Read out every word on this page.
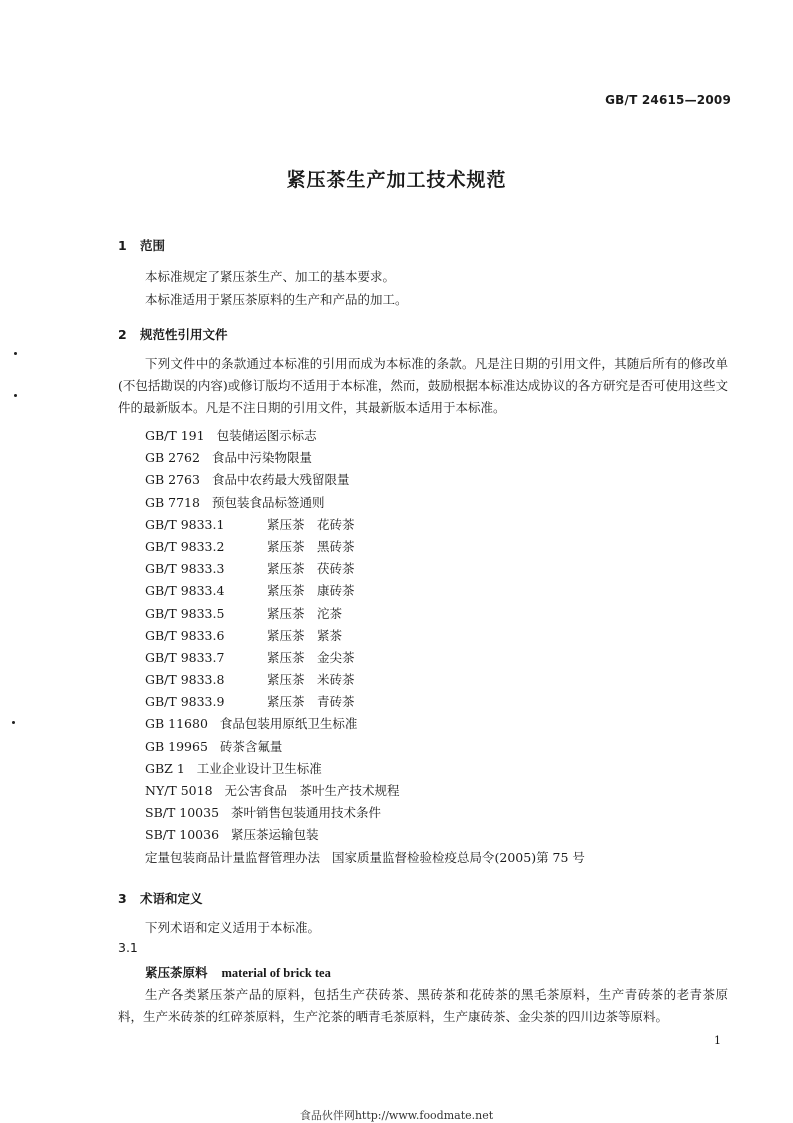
GB/T 24615—2009
紧压茶生产加工技术规范
1 范围
本标准规定了紧压茶生产、加工的基本要求。
本标准适用于紧压茶原料的生产和产品的加工。
2 规范性引用文件
下列文件中的条款通过本标准的引用而成为本标准的条款。凡是注日期的引用文件，其随后所有的修改单(不包括勘误的内容)或修订版均不适用于本标准，然而，鼓励根据本标准达成协议的各方研究是否可使用这些文件的最新版本。凡是不注日期的引用文件，其最新版本适用于本标准。
GB/T 191 包装储运图示标志
GB 2762 食品中污染物限量
GB 2763 食品中农药最大残留限量
GB 7718 预包装食品标签通则
GB/T 9833.1	紧压茶　花砖茶
GB/T 9833.2	紧压茶　黑砖茶
GB/T 9833.3	紧压茶　茯砖茶
GB/T 9833.4	紧压茶　康砖茶
GB/T 9833.5	紧压茶　沱茶
GB/T 9833.6	紧压茶　紧茶
GB/T 9833.7	紧压茶　金尖茶
GB/T 9833.8	紧压茶　米砖茶
GB/T 9833.9	紧压茶　青砖茶
GB 11680 食品包装用原纸卫生标准
GB 19965 砖茶含氟量
GBZ 1 工业企业设计卫生标准
NY/T 5018 无公害食品　茶叶生产技术规程
SB/T 10035 茶叶销售包装通用技术条件
SB/T 10036 紧压茶运输包装
定量包装商品计量监督管理办法 国家质量监督检验检疫总局令(2005)第 75 号
3 术语和定义
下列术语和定义适用于本标准。
3.1
紧压茶原料 material of brick tea
生产各类紧压茶产品的原料，包括生产茯砖茶、黑砖茶和花砖茶的黑毛茶原料，生产青砖茶的老青茶原料，生产米砖茶的红碎茶原料，生产沱茶的晒青毛茶原料，生产康砖茶、金尖茶的四川边茶等原料。
1
食品伙伴网http://www.foodmate.net
